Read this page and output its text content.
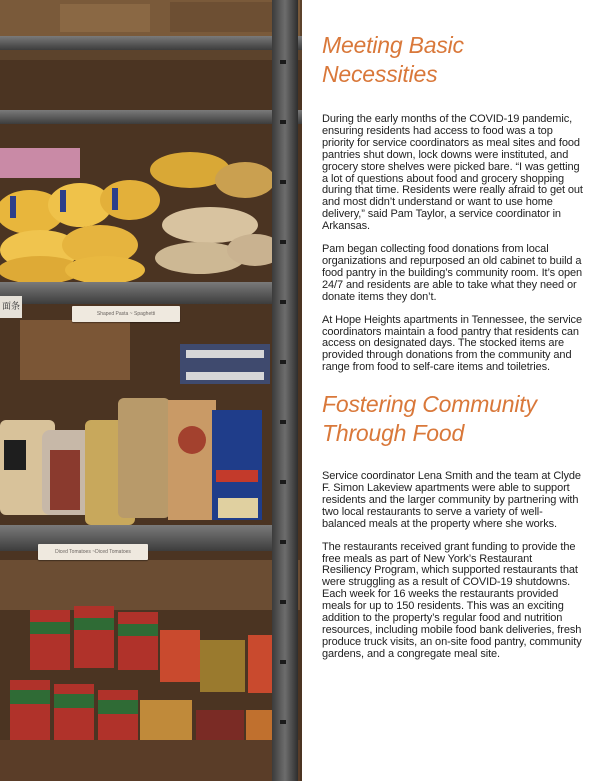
面条
Shaped Pasta ~ Spaghetti
Diced Tomatoes ~Diced Tomatoes
Meeting Basic
Necessities

During the early months of the COVID-19 pandemic, ensuring residents had access to food was a top priority for service coordinators as meal sites and food pantries shut down, lock downs were instituted, and grocery store shelves were picked bare. “I was getting a lot of questions about food and grocery shopping during that time. Residents were really afraid to get out and most didn’t understand or want to use home delivery,” said Pam Taylor, a service coordinator in Arkansas.

Pam began collecting food donations from local organizations and repurposed an old cabinet to build a food pantry in the building’s community room. It’s open 24/7 and residents are able to take what they need or donate items they don’t.

At Hope Heights apartments in Tennessee, the service coordinators maintain a food pantry that residents can access on designated days. The stocked items are provided through donations from the community and range from food to self-care items and toiletries.

Fostering Community
Through Food

Service coordinator Lena Smith and the team at Clyde F. Simon Lakeview apartments were able to support residents and the larger community by partnering with two local restaurants to serve a variety of well-balanced meals at the property where she works.

The restaurants received grant funding to provide the free meals as part of New York’s Restaurant Resiliency Program, which supported restaurants that were struggling as a result of COVID-19 shutdowns. Each week for 16 weeks the restaurants provided meals for up to 150 residents. This was an exciting addition to the property’s regular food and nutrition resources, including mobile food bank deliveries, fresh produce truck visits, an on-site food pantry, community gardens, and a congregate meal site.
